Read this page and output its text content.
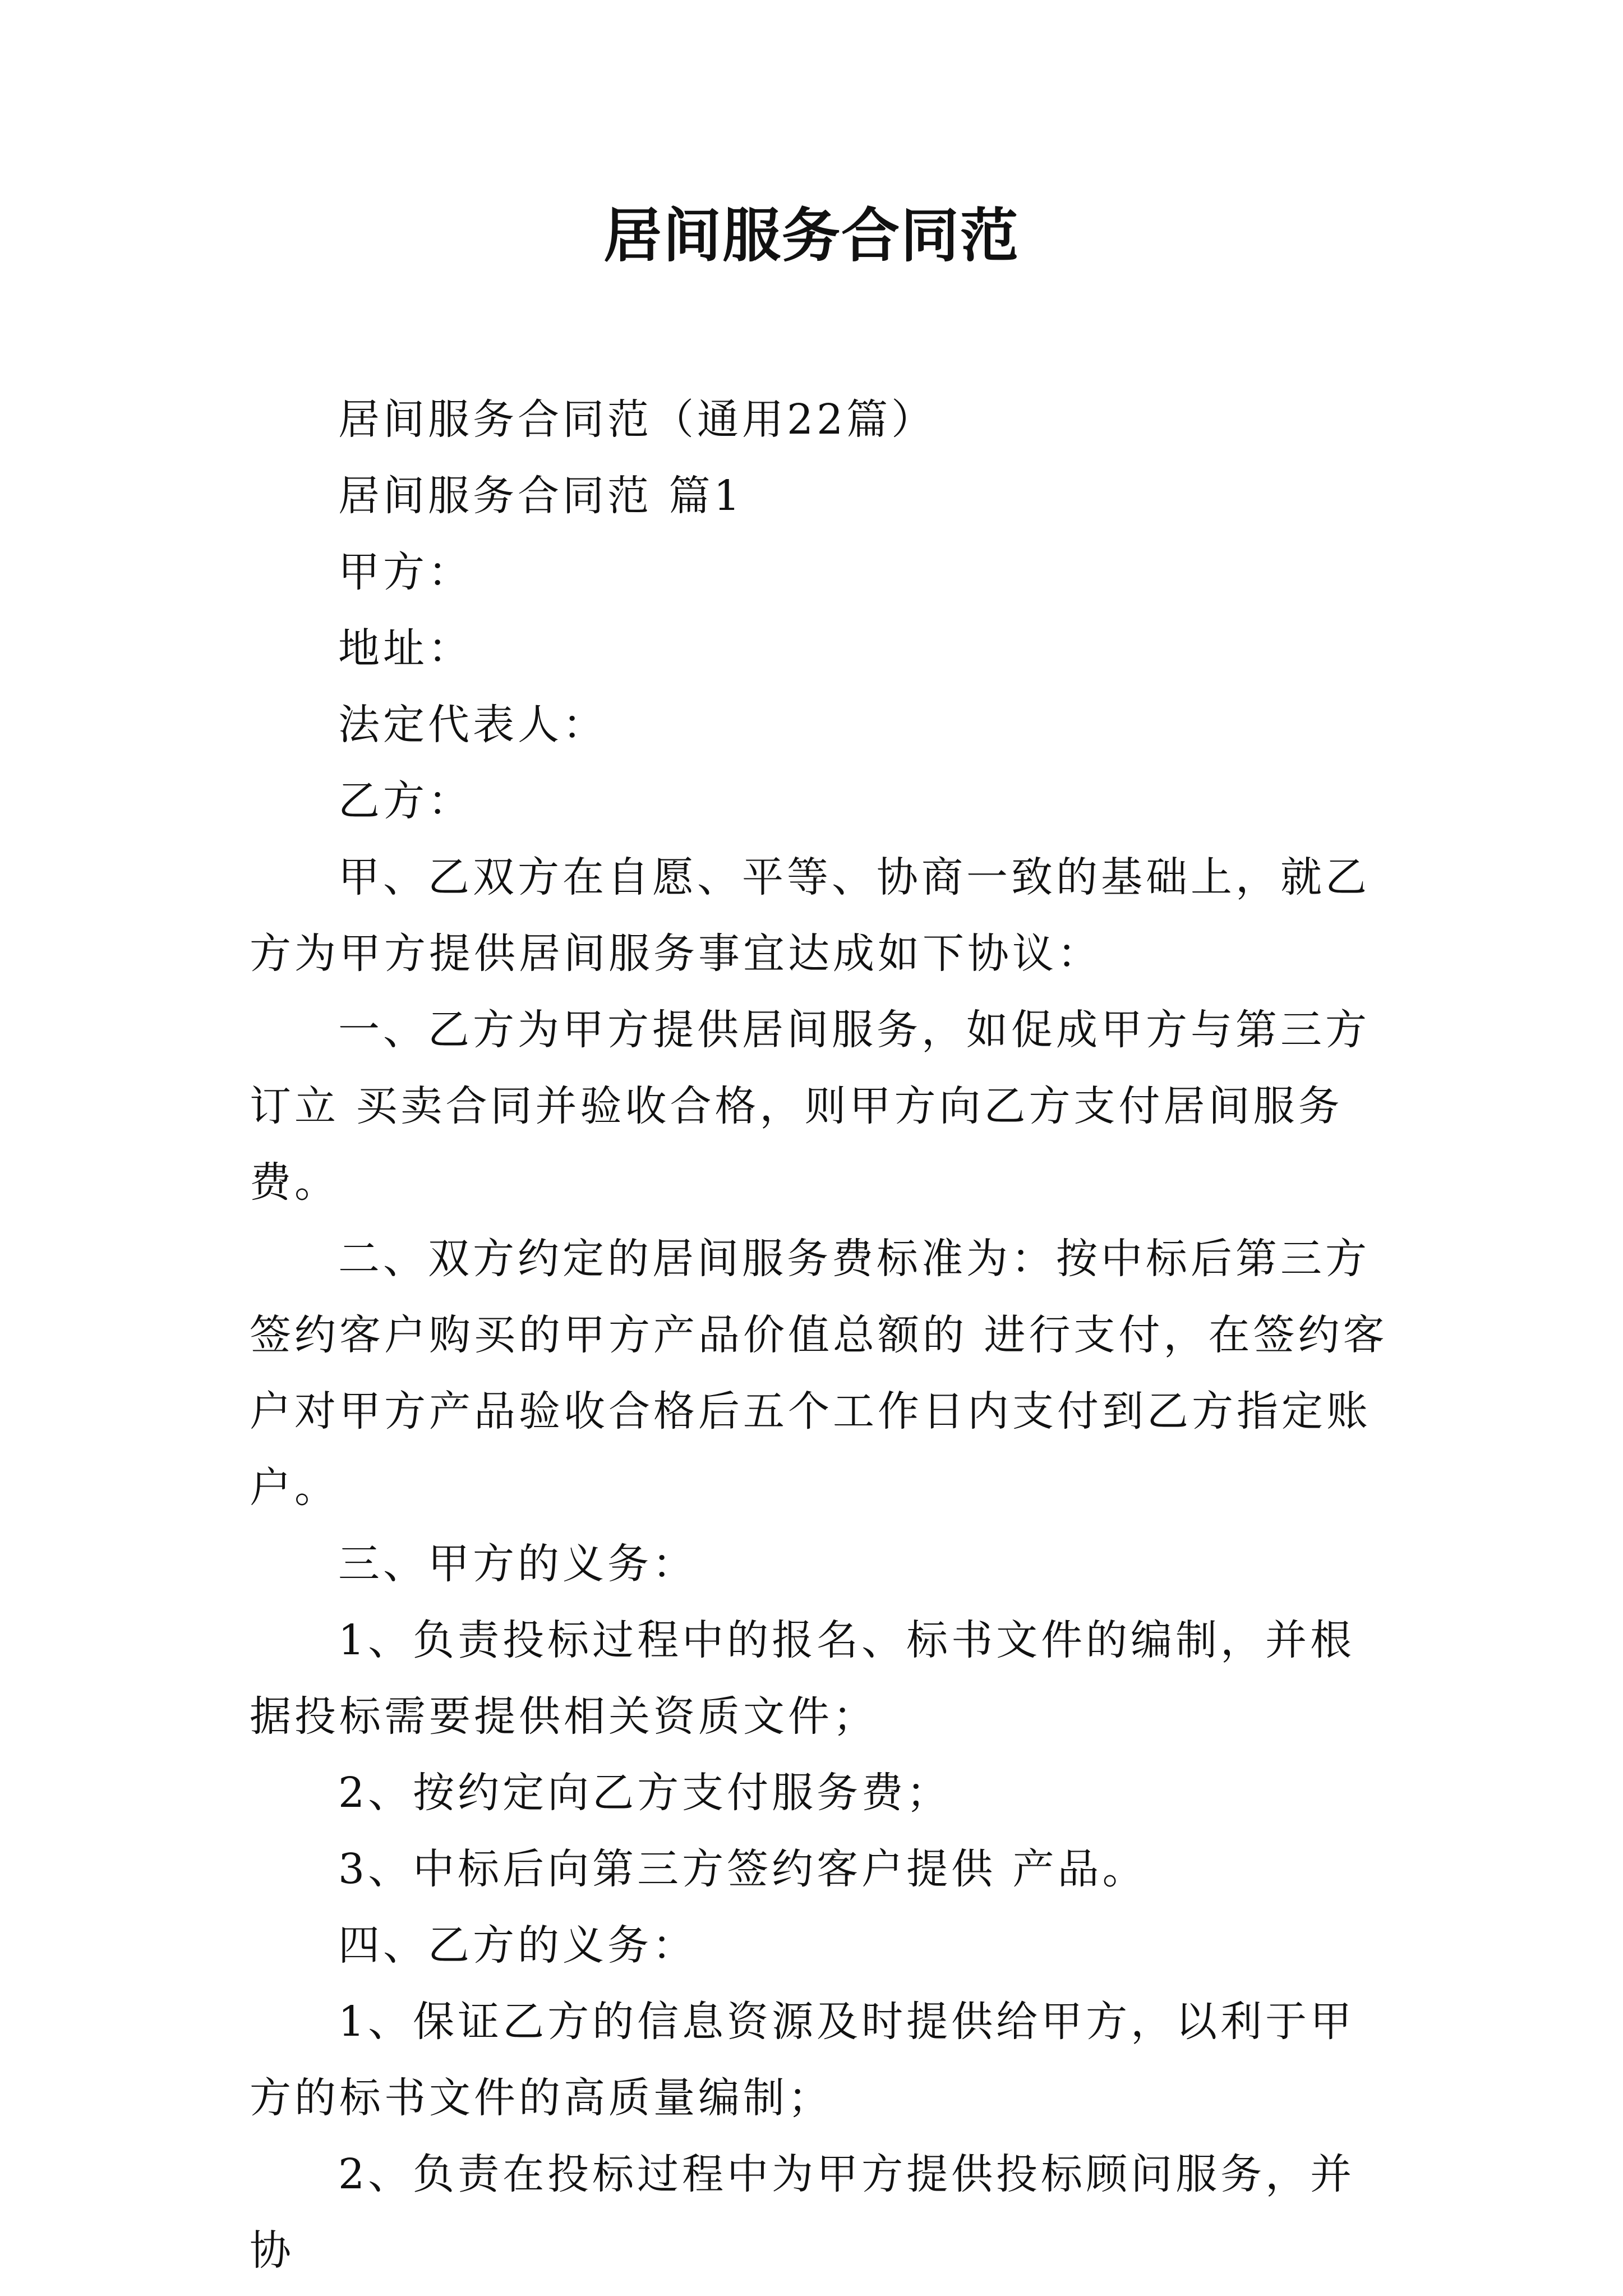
居间服务合同范

居间服务合同范（通用22篇）

居间服务合同范 篇1

甲方：

地址：

法定代表人：

乙方：

甲、乙双方在自愿、平等、协商一致的基础上，就乙方为甲方提供居间服务事宜达成如下协议：

一、乙方为甲方提供居间服务，如促成甲方与第三方订立 买卖合同并验收合格，则甲方向乙方支付居间服务费。

二、双方约定的居间服务费标准为：按中标后第三方签约客户购买的甲方产品价值总额的 进行支付，在签约客户对甲方产品验收合格后五个工作日内支付到乙方指定账户。

三、甲方的义务：

1、负责投标过程中的报名、标书文件的编制，并根据投标需要提供相关资质文件；

2、按约定向乙方支付服务费；

3、中标后向第三方签约客户提供 产品。

四、乙方的义务：

1、保证乙方的信息资源及时提供给甲方，以利于甲方的标书文件的高质量编制；

2、负责在投标过程中为甲方提供投标顾问服务，并协
